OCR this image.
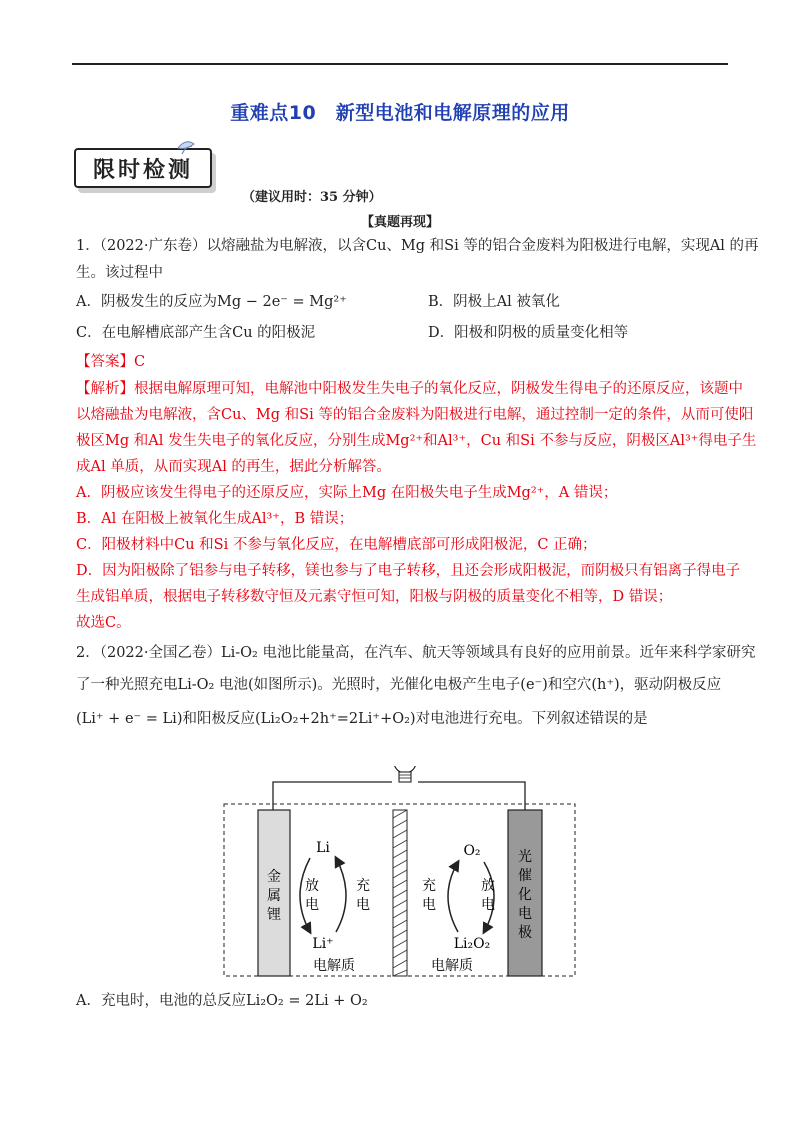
重难点10　新型电池和电解原理的应用
限时检测
（建议用时：35 分钟）
【真题再现】
1．（2022·广东卷）以熔融盐为电解液，以含Cu、Mg 和Si 等的铝合金废料为阳极进行电解，实现Al 的再
生。该过程中
A．阴极发生的反应为Mg − 2e⁻ = Mg²⁺	B．阴极上Al 被氧化
C．在电解槽底部产生含Cu 的阳极泥	D．阳极和阴极的质量变化相等
【答案】C
【解析】根据电解原理可知，电解池中阳极发生失电子的氧化反应，阴极发生得电子的还原反应，该题中
以熔融盐为电解液，含Cu、Mg 和Si 等的铝合金废料为阳极进行电解，通过控制一定的条件，从而可使阳
极区Mg 和Al 发生失电子的氧化反应，分别生成Mg²⁺和Al³⁺，Cu 和Si 不参与反应，阴极区Al³⁺得电子生
成Al 单质，从而实现Al 的再生，据此分析解答。
A．阴极应该发生得电子的还原反应，实际上Mg 在阳极失电子生成Mg²⁺，A 错误；
B．Al 在阳极上被氧化生成Al³⁺，B 错误；
C．阳极材料中Cu 和Si 不参与氧化反应，在电解槽底部可形成阳极泥，C 正确；
D．因为阳极除了铝参与电子转移，镁也参与了电子转移，且还会形成阳极泥，而阴极只有铝离子得电子
生成铝单质，根据电子转移数守恒及元素守恒可知，阳极与阴极的质量变化不相等，D 错误；
故选C。
2．（2022·全国乙卷）Li-O₂ 电池比能量高，在汽车、航天等领域具有良好的应用前景。近年来科学家研究
了一种光照充电Li-O₂ 电池(如图所示)。光照时，光催化电极产生电子(e⁻)和空穴(h⁺)，驱动阴极反应
(Li⁺ + e⁻ = Li)和阳极反应(Li₂O₂+2h⁺=2Li⁺+O₂)对电池进行充电。下列叙述错误的是
金
属
锂
光
催
化
电
极
Li
Li⁺
放
电
充
电
电解质
O₂
Li₂O₂
充
电
放
电
电解质
A．充电时，电池的总反应Li₂O₂ = 2Li + O₂
